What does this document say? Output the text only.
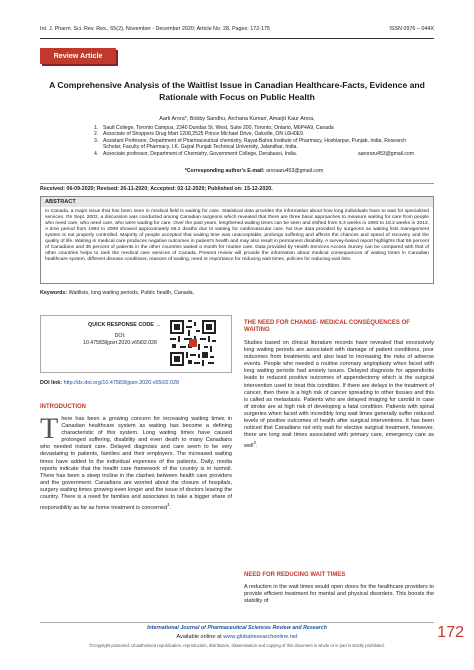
Int. J. Pharm. Sci. Rev. Res., 65(2), November - December 2020; Article No. 28, Pages: 172-175	ISSN 0976 – 044X
Review Article
A Comprehensive Analysis of the Waitlist Issue in Canadian Healthcare-Facts, Evidence and Rationale with Focus on Public Health
Aarti Arora*, Bobby Sandhu, Archana Kumari, Amarjit Kaur Arora,
1. Sault College, Toronto Campus, 2340 Dundas St. West, Suite 200, Toronto, Ontario, M6P4A9, Canada
2. Associate of Shoppers Drug Mart 1208,2525 Prince Michael Drive, Oakville, ON L6H0E9.
3. Assistant Professor, Department of Pharmaceutical chemistry, Rayat-Bahra Institute of Pharmacy, Hoshiarpur, Punjab, India, Research Scholar, Faculty of Pharmacy, I.K. Gujral Punjab Technical University, Jalandhar, India.
4. Associate professor, Department of Chemistry, Government College, Derabassi, India.	aaroraru453@gmail.com
*Corresponding author’s E-mail: aroraaru453@gmail.com
Received: 06-09-2020; Revised: 26-11-2020; Accepted: 02-12-2020; Published on: 15-12-2020.
ABSTRACT
In Canada, a major issue that has been seen in medical field is waiting for care. Statistical data provides the information about how long individuals have to wait for specialized services. On Sept. 2002, a discussion was conducted among Canadian surgeons which revealed that there are three basic approaches to measure waiting for care from people who need care, who need care, who were waiting for care. Over the past years, lengthened waiting times can be seen and shifted from 9.3 weeks in 1993 to 18.2 weeks in 2013. A time period from 1994 to 2009 showed approximately 66.2 deaths due to waiting for cardiovascular care. No true data provided by surgeons as waiting lists management system is not properly controlled. Majority of people accepted that waiting time was unacceptable, prolongs suffering and affects the chances and speed of recovery and the quality of life. Waiting in medical care produces negative outcomes in patient's health and may also result in permanent disability. A survey-based report highlights that 56 percent of Canadians and 36 percent of patients in the other countries waited a month for routine care. Data provided by Health Services Access Survey can be compared with that of other countries helps to rank the medical care services of Canada. Present review will provide the information about medical consequences of waiting times in Canadian healthcare system, different disease conditions, reasons of waiting, need or importance for reducing wait times, policies for reducing wait lists.
Keywords: Waitlists, long waiting periods, Public health, Canada.
QUICK RESPONSE CODE →
DOI:
10.47583/ijpsrr.2020.v65i02.028
DOI link: http://dx.doi.org/10.47583/ijpsrr.2020.v65i02.028
INTRODUCTION
There has been a growing concern for increasing waiting times in Canadian healthcare system as waiting has become a defining characteristic of this system. Long waiting times have caused prolonged suffering, disability and even death to many Canadians who needed instant care. Delayed diagnosis and care seem to be very devastating to patients, families and their employers. The increased waiting times have added to the individual expenses of the patients. Daily, media reports indicate that the health care framework of the country is in turmoil. There has been a steep incline in the clashes between health care providers and the government. Canadians are worried about the closure of hospitals, surgery waiting times growing even longer and the issue of doctors leaving the country. There is a need for families and associates to take a bigger share of responsibility as far as home treatment is concerned$^1$.
THE NEED FOR CHANGE- MEDICAL CONSEQUENCES OF WAITING
Studies based on clinical literature records have revealed that excessively long waiting periods are associated with damage of patient conditions, poor outcomes from treatments and also lead to increasing the risks of adverse events. People who needed a routine coronary angioplasty when faced with long waiting periods had anxiety issues. Delayed diagnosis for appendicitis leads to reduced positive outcomes of appendectomy which is the surgical intervention used to treat this condition. If there are delays in the treatment of cancer, then there is a high risk of cancer spreading to other tissues and this is called as metastasis. Patients who are delayed imaging for carotid in case of stroke are at high risk of developing a fatal condition. Patients with spinal surgeries when faced with incredibly long wait times generally suffer reduced levels of positive outcomes of health after surgical interventions. It has been noticed that Canadians not only wait for elective surgical treatment, however, there are long wait times associated with primary care, emergency care as well$^2$.
NEED FOR REDUCING WAIT TIMES
A reduction in the wait times would open doors for the healthcare providers to provide efficient treatment for mental and physical disorders. This boosts the stability of
International Journal of Pharmaceutical Sciences Review and Research
Available online at www.globalresearchonline.net
©Copyright protected. Unauthorised republication, reproduction, distribution, dissemination and copying of this document in whole or in part is strictly prohibited.
172
